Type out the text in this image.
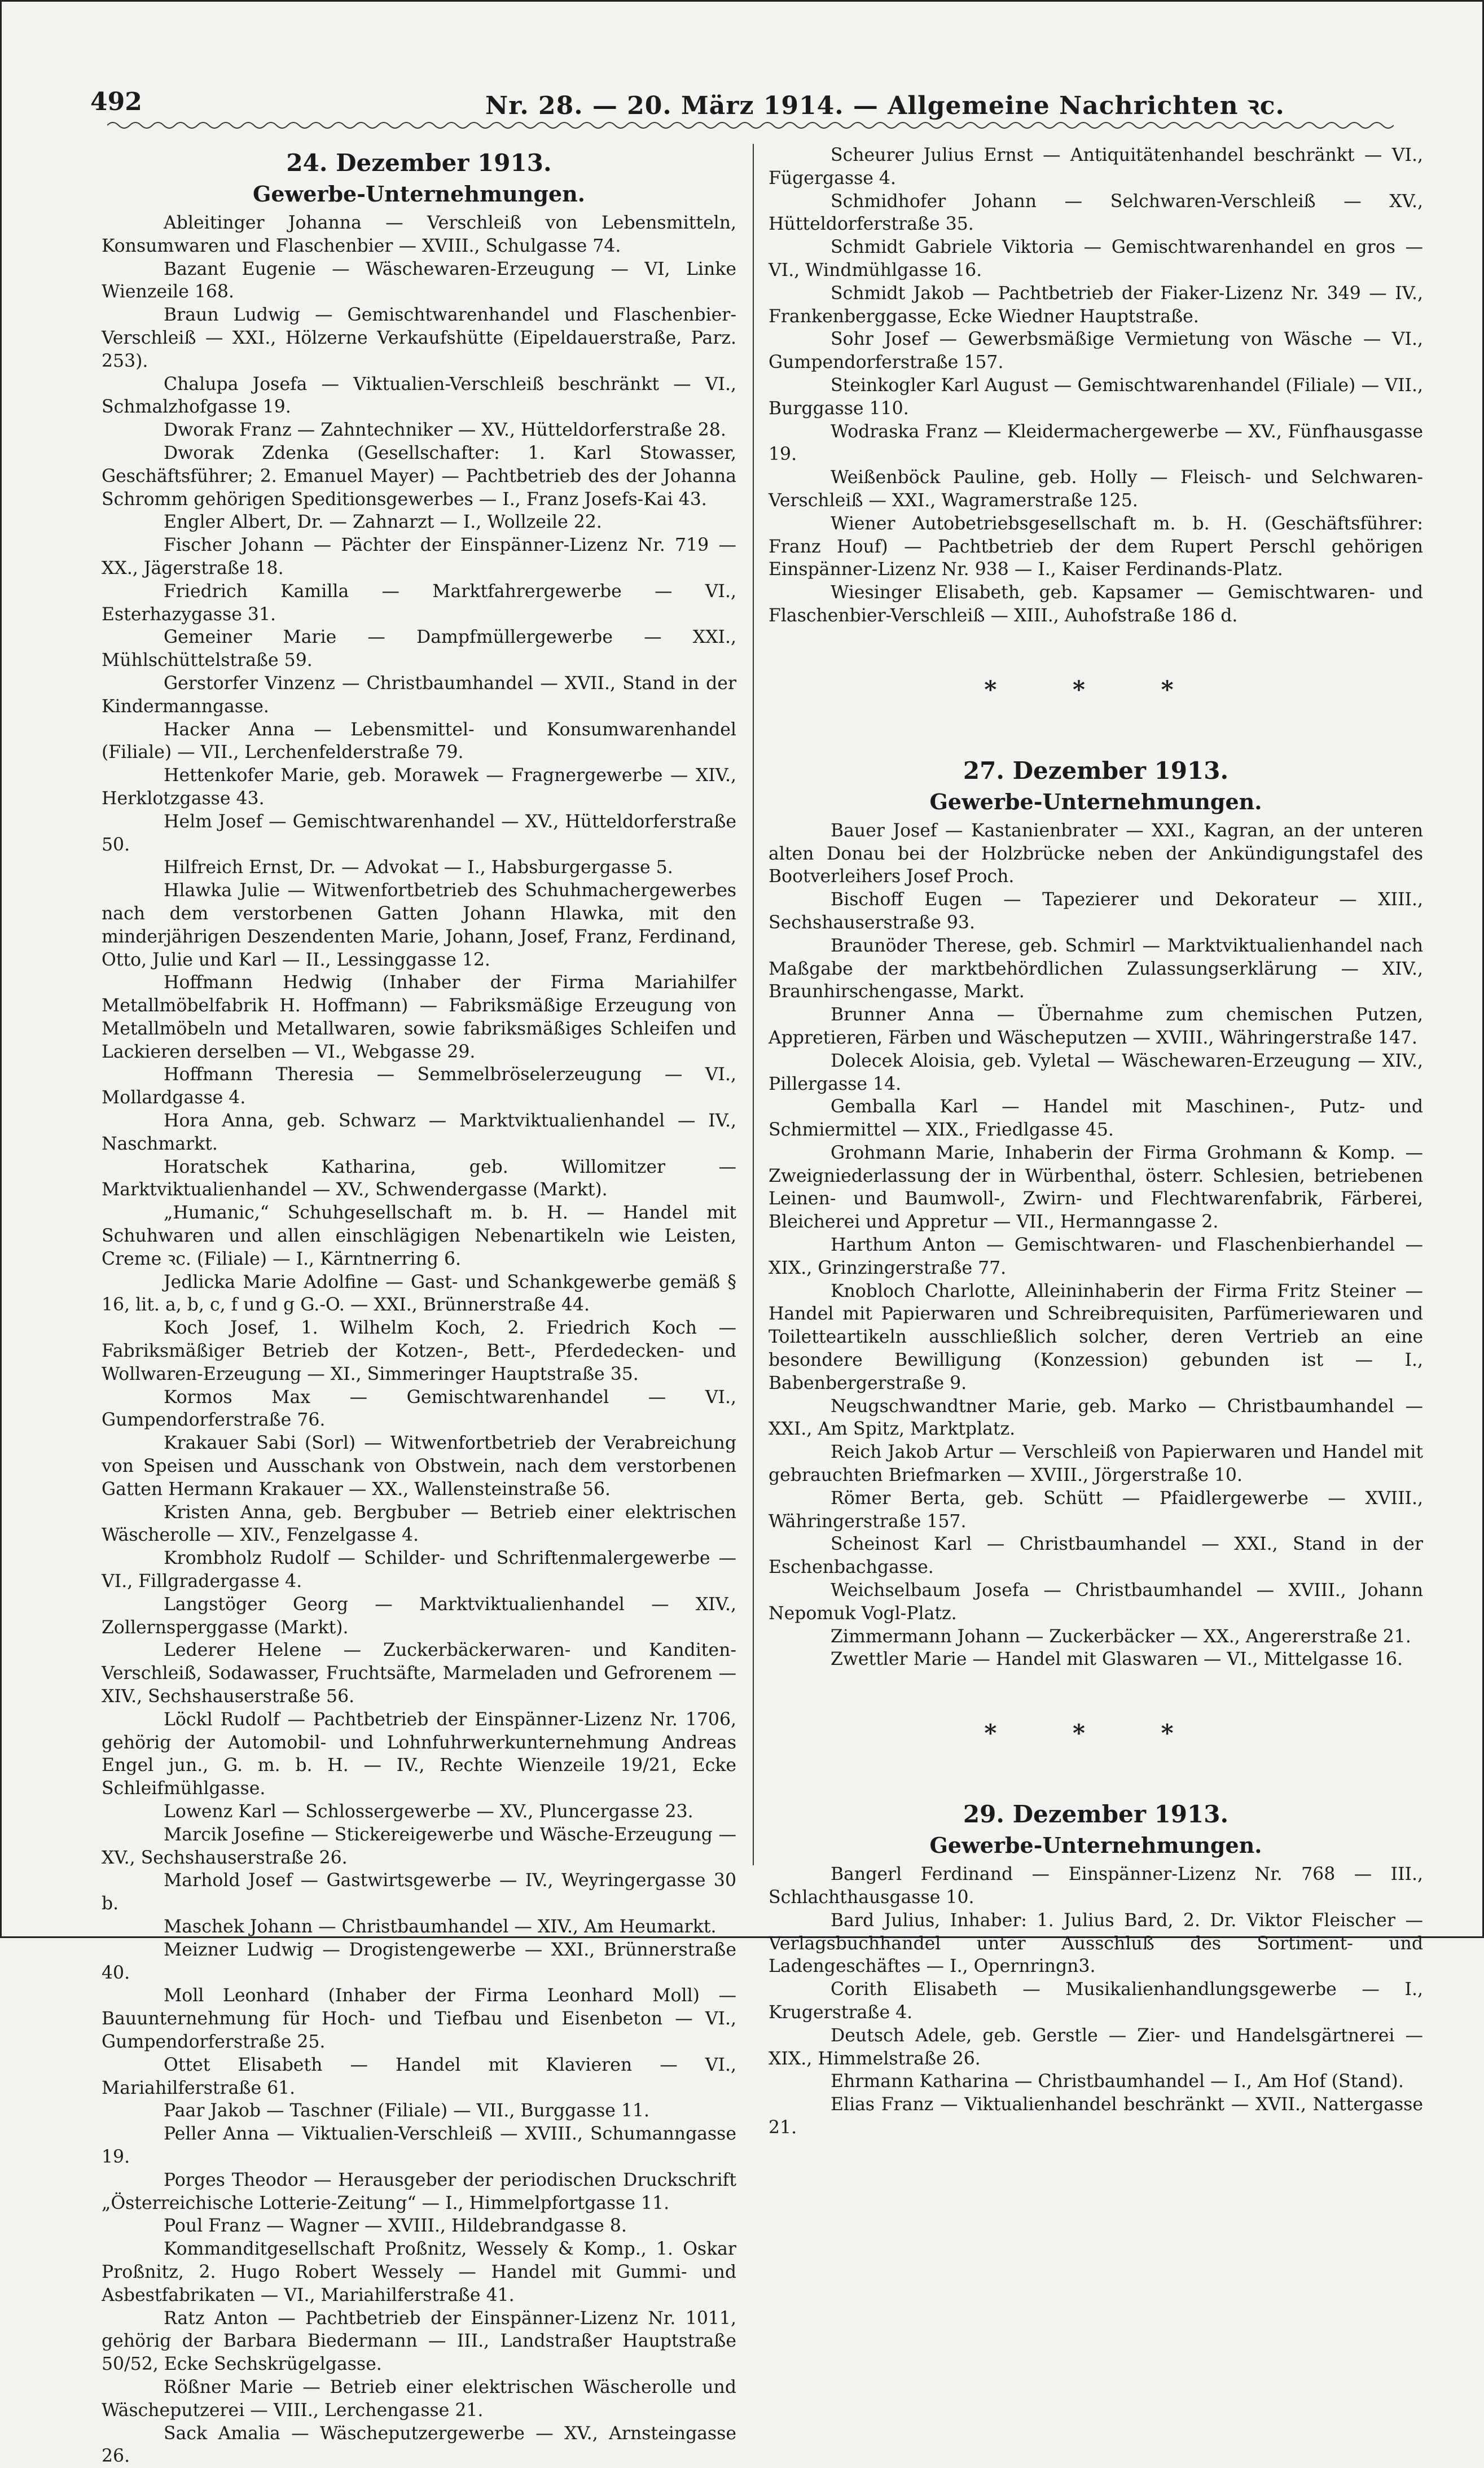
492	Nr. 28. — 20. März 1914. — Allgemeine Nachrichten ꝛc.
24. Dezember 1913.
Gewerbe-Unternehmungen.

Ableitinger Johanna — Verschleiß von Lebensmitteln, Konsumwaren und Flaschenbier — XVIII., Schulgasse 74.

Bazant Eugenie — Wäschewaren-Erzeugung — VI, Linke Wienzeile 168.

Braun Ludwig — Gemischtwarenhandel und Flaschenbier-Verschleiß — XXI., Hölzerne Verkaufshütte (Eipeldauerstraße, Parz. 253).

Chalupa Josefa — Viktualien-Verschleiß beschränkt — VI., Schmalzhofgasse 19.

Dworak Franz — Zahntechniker — XV., Hütteldorferstraße 28.

Dworak Zdenka (Gesellschafter: 1. Karl Stowasser, Geschäftsführer; 2. Emanuel Mayer) — Pachtbetrieb des der Johanna Schromm gehörigen Speditionsgewerbes — I., Franz Josefs-Kai 43.

Engler Albert, Dr. — Zahnarzt — I., Wollzeile 22.

Fischer Johann — Pächter der Einspänner-Lizenz Nr. 719 — XX., Jägerstraße 18.

Friedrich Kamilla — Marktfahrergewerbe — VI., Esterhazygasse 31.

Gemeiner Marie — Dampfmüllergewerbe — XXI., Mühlschüttelstraße 59.

Gerstorfer Vinzenz — Christbaumhandel — XVII., Stand in der Kindermanngasse.

Hacker Anna — Lebensmittel- und Konsumwarenhandel (Filiale) — VII., Lerchenfelderstraße 79.

Hettenkofer Marie, geb. Morawek — Fragnergewerbe — XIV., Herklotzgasse 43.

Helm Josef — Gemischtwarenhandel — XV., Hütteldorferstraße 50.

Hilfreich Ernst, Dr. — Advokat — I., Habsburgergasse 5.

Hlawka Julie — Witwenfortbetrieb des Schuhmachergewerbes nach dem verstorbenen Gatten Johann Hlawka, mit den minderjährigen Deszendenten Marie, Johann, Josef, Franz, Ferdinand, Otto, Julie und Karl — II., Lessinggasse 12.

Hoffmann Hedwig (Inhaber der Firma Mariahilfer Metallmöbelfabrik H. Hoffmann) — Fabriksmäßige Erzeugung von Metallmöbeln und Metallwaren, sowie fabriksmäßiges Schleifen und Lackieren derselben — VI., Webgasse 29.

Hoffmann Theresia — Semmelbröselerzeugung — VI., Mollardgasse 4.

Hora Anna, geb. Schwarz — Marktviktualienhandel — IV., Naschmarkt.

Horatschek Katharina, geb. Willomitzer — Marktviktualienhandel — XV., Schwendergasse (Markt).

„Humanic,“ Schuhgesellschaft m. b. H. — Handel mit Schuhwaren und allen einschlägigen Nebenartikeln wie Leisten, Creme ꝛc. (Filiale) — I., Kärntnerring 6.

Jedlicka Marie Adolfine — Gast- und Schankgewerbe gemäß § 16, lit. a, b, c, f und g G.-O. — XXI., Brünnerstraße 44.

Koch Josef, 1. Wilhelm Koch, 2. Friedrich Koch — Fabriksmäßiger Betrieb der Kotzen-, Bett-, Pferdedecken- und Wollwaren-Erzeugung — XI., Simmeringer Hauptstraße 35.

Kormos Max — Gemischtwarenhandel — VI., Gumpendorferstraße 76.

Krakauer Sabi (Sorl) — Witwenfortbetrieb der Verabreichung von Speisen und Ausschank von Obstwein, nach dem verstorbenen Gatten Hermann Krakauer — XX., Wallensteinstraße 56.

Kristen Anna, geb. Bergbuber — Betrieb einer elektrischen Wäscherolle — XIV., Fenzelgasse 4.

Krombholz Rudolf — Schilder- und Schriftenmalergewerbe — VI., Fillgradergasse 4.

Langstöger Georg — Marktviktualienhandel — XIV., Zollernsperggasse (Markt).

Lederer Helene — Zuckerbäckerwaren- und Kanditen-Verschleiß, Sodawasser, Fruchtsäfte, Marmeladen und Gefrorenem — XIV., Sechshauserstraße 56.

Löckl Rudolf — Pachtbetrieb der Einspänner-Lizenz Nr. 1706, gehörig der Automobil- und Lohnfuhrwerkunternehmung Andreas Engel jun., G. m. b. H. — IV., Rechte Wienzeile 19/21, Ecke Schleifmühlgasse.

Lowenz Karl — Schlossergewerbe — XV., Pluncergasse 23.

Marcik Josefine — Stickereigewerbe und Wäsche-Erzeugung — XV., Sechshauserstraße 26.

Marhold Josef — Gastwirtsgewerbe — IV., Weyringergasse 30 b.

Maschek Johann — Christbaumhandel — XIV., Am Heumarkt.

Meizner Ludwig — Drogistengewerbe — XXI., Brünnerstraße 40.

Moll Leonhard (Inhaber der Firma Leonhard Moll) — Bauunternehmung für Hoch- und Tiefbau und Eisenbeton — VI., Gumpendorferstraße 25.

Ottet Elisabeth — Handel mit Klavieren — VI., Mariahilferstraße 61.

Paar Jakob — Taschner (Filiale) — VII., Burggasse 11.

Peller Anna — Viktualien-Verschleiß — XVIII., Schumanngasse 19.

Porges Theodor — Herausgeber der periodischen Druckschrift „Österreichische Lotterie-Zeitung“ — I., Himmelpfortgasse 11.

Poul Franz — Wagner — XVIII., Hildebrandgasse 8.

Kommanditgesellschaft Proßnitz, Wessely & Komp., 1. Oskar Proßnitz, 2. Hugo Robert Wessely — Handel mit Gummi- und Asbestfabrikaten — VI., Mariahilferstraße 41.

Ratz Anton — Pachtbetrieb der Einspänner-Lizenz Nr. 1011, gehörig der Barbara Biedermann — III., Landstraßer Hauptstraße 50/52, Ecke Sechskrügelgasse.

Rößner Marie — Betrieb einer elektrischen Wäscherolle und Wäscheputzerei — VIII., Lerchengasse 21.

Sack Amalia — Wäscheputzergewerbe — XV., Arnsteingasse 26.

Scheurer Julius Ernst — Antiquitätenhandel beschränkt — VI., Fügergasse 4.

Schmidhofer Johann — Selchwaren-Verschleiß — XV., Hütteldorferstraße 35.

Schmidt Gabriele Viktoria — Gemischtwarenhandel en gros — VI., Windmühlgasse 16.

Schmidt Jakob — Pachtbetrieb der Fiaker-Lizenz Nr. 349 — IV., Frankenberggasse, Ecke Wiedner Hauptstraße.

Sohr Josef — Gewerbsmäßige Vermietung von Wäsche — VI., Gumpendorferstraße 157.

Steinkogler Karl August — Gemischtwarenhandel (Filiale) — VII., Burggasse 110.

Wodraska Franz — Kleidermachergewerbe — XV., Fünfhausgasse 19.

Weißenböck Pauline, geb. Holly — Fleisch- und Selchwaren-Verschleiß — XXI., Wagramerstraße 125.

Wiener Autobetriebsgesellschaft m. b. H. (Geschäftsführer: Franz Houf) — Pachtbetrieb der dem Rupert Perschl gehörigen Einspänner-Lizenz Nr. 938 — I., Kaiser Ferdinands-Platz.

Wiesinger Elisabeth, geb. Kapsamer — Gemischtwaren- und Flaschenbier-Verschleiß — XIII., Auhofstraße 186 d.

* * *
27. Dezember 1913.
Gewerbe-Unternehmungen.

Bauer Josef — Kastanienbrater — XXI., Kagran, an der unteren alten Donau bei der Holzbrücke neben der Ankündigungstafel des Bootverleihers Josef Proch.

Bischoff Eugen — Tapezierer und Dekorateur — XIII., Sechshauserstraße 93.

Braunöder Therese, geb. Schmirl — Marktviktualienhandel nach Maßgabe der marktbehördlichen Zulassungserklärung — XIV., Braunhirschengasse, Markt.

Brunner Anna — Übernahme zum chemischen Putzen, Appretieren, Färben und Wäscheputzen — XVIII., Währingerstraße 147.

Dolecek Aloisia, geb. Vyletal — Wäschewaren-Erzeugung — XIV., Pillergasse 14.

Gemballa Karl — Handel mit Maschinen-, Putz- und Schmiermittel — XIX., Friedlgasse 45.

Grohmann Marie, Inhaberin der Firma Grohmann & Komp. — Zweigniederlassung der in Würbenthal, österr. Schlesien, betriebenen Leinen- und Baumwoll-, Zwirn- und Flechtwarenfabrik, Färberei, Bleicherei und Appretur — VII., Hermanngasse 2.

Harthum Anton — Gemischtwaren- und Flaschenbierhandel — XIX., Grinzingerstraße 77.

Knobloch Charlotte, Alleininhaberin der Firma Fritz Steiner — Handel mit Papierwaren und Schreibrequisiten, Parfümeriewaren und Toiletteartikeln ausschließlich solcher, deren Vertrieb an eine besondere Bewilligung (Konzession) gebunden ist — I., Babenbergerstraße 9.

Neugschwandtner Marie, geb. Marko — Christbaumhandel — XXI., Am Spitz, Marktplatz.

Reich Jakob Artur — Verschleiß von Papierwaren und Handel mit gebrauchten Briefmarken — XVIII., Jörgerstraße 10.

Römer Berta, geb. Schütt — Pfaidlergewerbe — XVIII., Währingerstraße 157.

Scheinost Karl — Christbaumhandel — XXI., Stand in der Eschenbachgasse.

Weichselbaum Josefa — Christbaumhandel — XVIII., Johann Nepomuk Vogl-Platz.

Zimmermann Johann — Zuckerbäcker — XX., Angererstraße 21.

Zwettler Marie — Handel mit Glaswaren — VI., Mittelgasse 16.

* * *
29. Dezember 1913.
Gewerbe-Unternehmungen.

Bangerl Ferdinand — Einspänner-Lizenz Nr. 768 — III., Schlachthausgasse 10.

Bard Julius, Inhaber: 1. Julius Bard, 2. Dr. Viktor Fleischer — Verlagsbuchhandel unter Ausschluß des Sortiment- und Ladengeschäftes — I., Opernringn3.

Corith Elisabeth — Musikalienhandlungsgewerbe — I., Krugerstraße 4.

Deutsch Adele, geb. Gerstle — Zier- und Handelsgärtnerei — XIX., Himmelstraße 26.

Ehrmann Katharina — Christbaumhandel — I., Am Hof (Stand).

Elias Franz — Viktualienhandel beschränkt — XVII., Nattergasse 21.
